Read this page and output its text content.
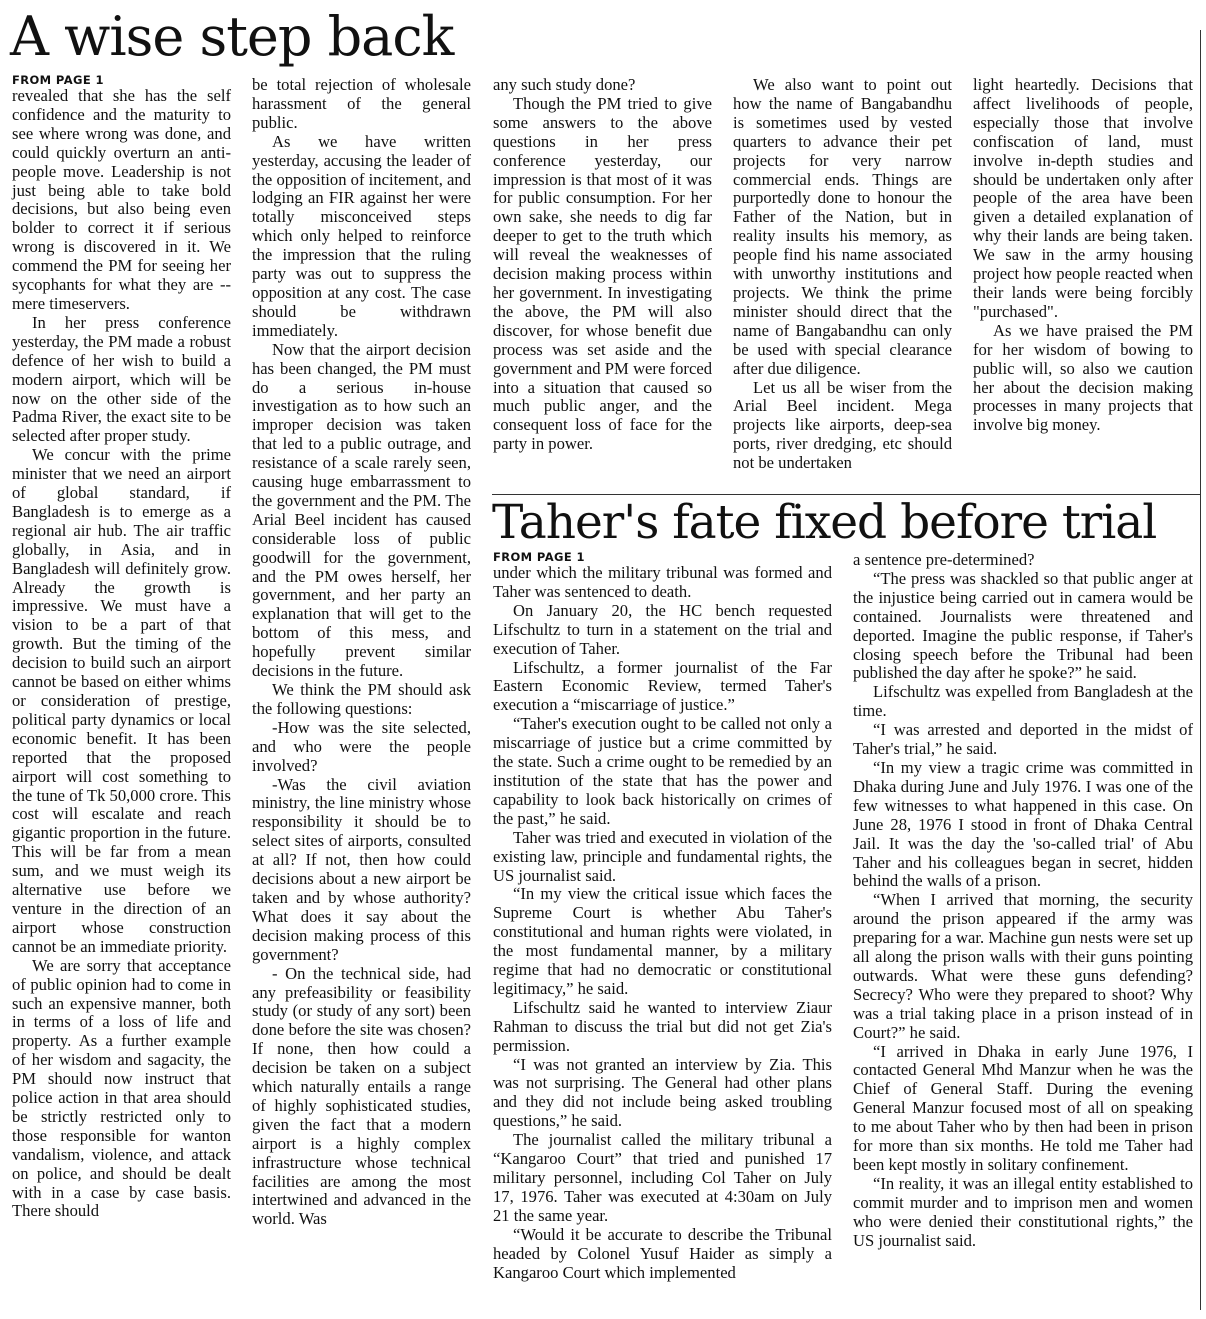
A wise step back
FROM PAGE 1

revealed that she has the self confidence and the maturity to see where wrong was done, and could quickly overturn an anti-people move. Leadership is not just being able to take bold decisions, but also being even bolder to correct it if serious wrong is discovered in it. We commend the PM for seeing her sycophants for what they are -- mere timeservers.

In her press conference yesterday, the PM made a robust defence of her wish to build a modern airport, which will be now on the other side of the Padma River, the exact site to be selected after proper study.

We concur with the prime minister that we need an airport of global standard, if Bangladesh is to emerge as a regional air hub. The air traffic globally, in Asia, and in Bangladesh will definitely grow. Already the growth is impressive. We must have a vision to be a part of that growth. But the timing of the decision to build such an airport cannot be based on either whims or consideration of prestige, political party dynamics or local economic benefit. It has been reported that the proposed airport will cost something to the tune of Tk 50,000 crore. This cost will escalate and reach gigantic proportion in the future. This will be far from a mean sum, and we must weigh its alternative use before we venture in the direction of an airport whose construction cannot be an immediate priority.

We are sorry that acceptance of public opinion had to come in such an expensive manner, both in terms of a loss of life and property. As a further example of her wisdom and sagacity, the PM should now instruct that police action in that area should be strictly restricted only to those responsible for wanton vandalism, violence, and attack on police, and should be dealt with in a case by case basis. There should

be total rejection of wholesale harassment of the general public.

As we have written yesterday, accusing the leader of the opposition of incitement, and lodging an FIR against her were totally misconceived steps which only helped to reinforce the impression that the ruling party was out to suppress the opposition at any cost. The case should be withdrawn immediately.

Now that the airport decision has been changed, the PM must do a serious in-house investigation as to how such an improper decision was taken that led to a public outrage, and resistance of a scale rarely seen, causing huge embarrassment to the government and the PM. The Arial Beel incident has caused considerable loss of public goodwill for the government, and the PM owes herself, her government, and her party an explanation that will get to the bottom of this mess, and hopefully prevent similar decisions in the future.

We think the PM should ask the following questions:

-How was the site selected, and who were the people involved?

-Was the civil aviation ministry, the line ministry whose responsibility it should be to select sites of airports, consulted at all? If not, then how could decisions about a new airport be taken and by whose authority? What does it say about the decision making process of this government?

- On the technical side, had any prefeasibility or feasibility study (or study of any sort) been done before the site was chosen? If none, then how could a decision be taken on a subject which naturally entails a range of highly sophisticated studies, given the fact that a modern airport is a highly complex infrastructure whose technical facilities are among the most intertwined and advanced in the world. Was

any such study done?

Though the PM tried to give some answers to the above questions in her press conference yesterday, our impression is that most of it was for public consumption. For her own sake, she needs to dig far deeper to get to the truth which will reveal the weaknesses of decision making process within her government. In investigating the above, the PM will also discover, for whose benefit due process was set aside and the government and PM were forced into a situation that caused so much public anger, and the consequent loss of face for the party in power.

We also want to point out how the name of Bangabandhu is sometimes used by vested quarters to advance their pet projects for very narrow commercial ends. Things are purportedly done to honour the Father of the Nation, but in reality insults his memory, as people find his name associated with unworthy institutions and projects. We think the prime minister should direct that the name of Bangabandhu can only be used with special clearance after due diligence.

Let us all be wiser from the Arial Beel incident. Mega projects like airports, deep-sea ports, river dredging, etc should not be undertaken

light heartedly. Decisions that affect livelihoods of people, especially those that involve confiscation of land, must involve in-depth studies and should be undertaken only after people of the area have been given a detailed explanation of why their lands are being taken. We saw in the army housing project how people reacted when their lands were being forcibly "purchased".

As we have praised the PM for her wisdom of bowing to public will, so also we caution her about the decision making processes in many projects that involve big money.

Taher's fate fixed before trial
FROM PAGE 1

under which the military tribunal was formed and Taher was sentenced to death.

On January 20, the HC bench requested Lifschultz to turn in a statement on the trial and execution of Taher.

Lifschultz, a former journalist of the Far Eastern Economic Review, termed Taher's execution a “miscarriage of justice.”

“Taher's execution ought to be called not only a miscarriage of justice but a crime committed by the state. Such a crime ought to be remedied by an institution of the state that has the power and capability to look back historically on crimes of the past,” he said.

Taher was tried and executed in violation of the existing law, principle and fundamental rights, the US journalist said.

“In my view the critical issue which faces the Supreme Court is whether Abu Taher's constitutional and human rights were violated, in the most fundamental manner, by a military regime that had no democratic or constitutional legitimacy,” he said.

Lifschultz said he wanted to interview Ziaur Rahman to discuss the trial but did not get Zia's permission.

“I was not granted an interview by Zia. This was not surprising. The General had other plans and they did not include being asked troubling questions,” he said.

The journalist called the military tribunal a “Kangaroo Court” that tried and punished 17 military personnel, including Col Taher on July 17, 1976. Taher was executed at 4:30am on July 21 the same year.

“Would it be accurate to describe the Tribunal headed by Colonel Yusuf Haider as simply a Kangaroo Court which implemented

a sentence pre-determined?

“The press was shackled so that public anger at the injustice being carried out in camera would be contained. Journalists were threatened and deported. Imagine the public response, if Taher's closing speech before the Tribunal had been published the day after he spoke?” he said.

Lifschultz was expelled from Bangladesh at the time.

“I was arrested and deported in the midst of Taher's trial,” he said.

“In my view a tragic crime was committed in Dhaka during June and July 1976. I was one of the few witnesses to what happened in this case. On June 28, 1976 I stood in front of Dhaka Central Jail. It was the day the 'so-called trial' of Abu Taher and his colleagues began in secret, hidden behind the walls of a prison.

“When I arrived that morning, the security around the prison appeared if the army was preparing for a war. Machine gun nests were set up all along the prison walls with their guns pointing outwards. What were these guns defending? Secrecy? Who were they prepared to shoot? Why was a trial taking place in a prison instead of in Court?” he said.

“I arrived in Dhaka in early June 1976, I contacted General Mhd Manzur when he was the Chief of General Staff. During the evening General Manzur focused most of all on speaking to me about Taher who by then had been in prison for more than six months. He told me Taher had been kept mostly in solitary confinement.

“In reality, it was an illegal entity established to commit murder and to imprison men and women who were denied their constitutional rights,” the US journalist said.
